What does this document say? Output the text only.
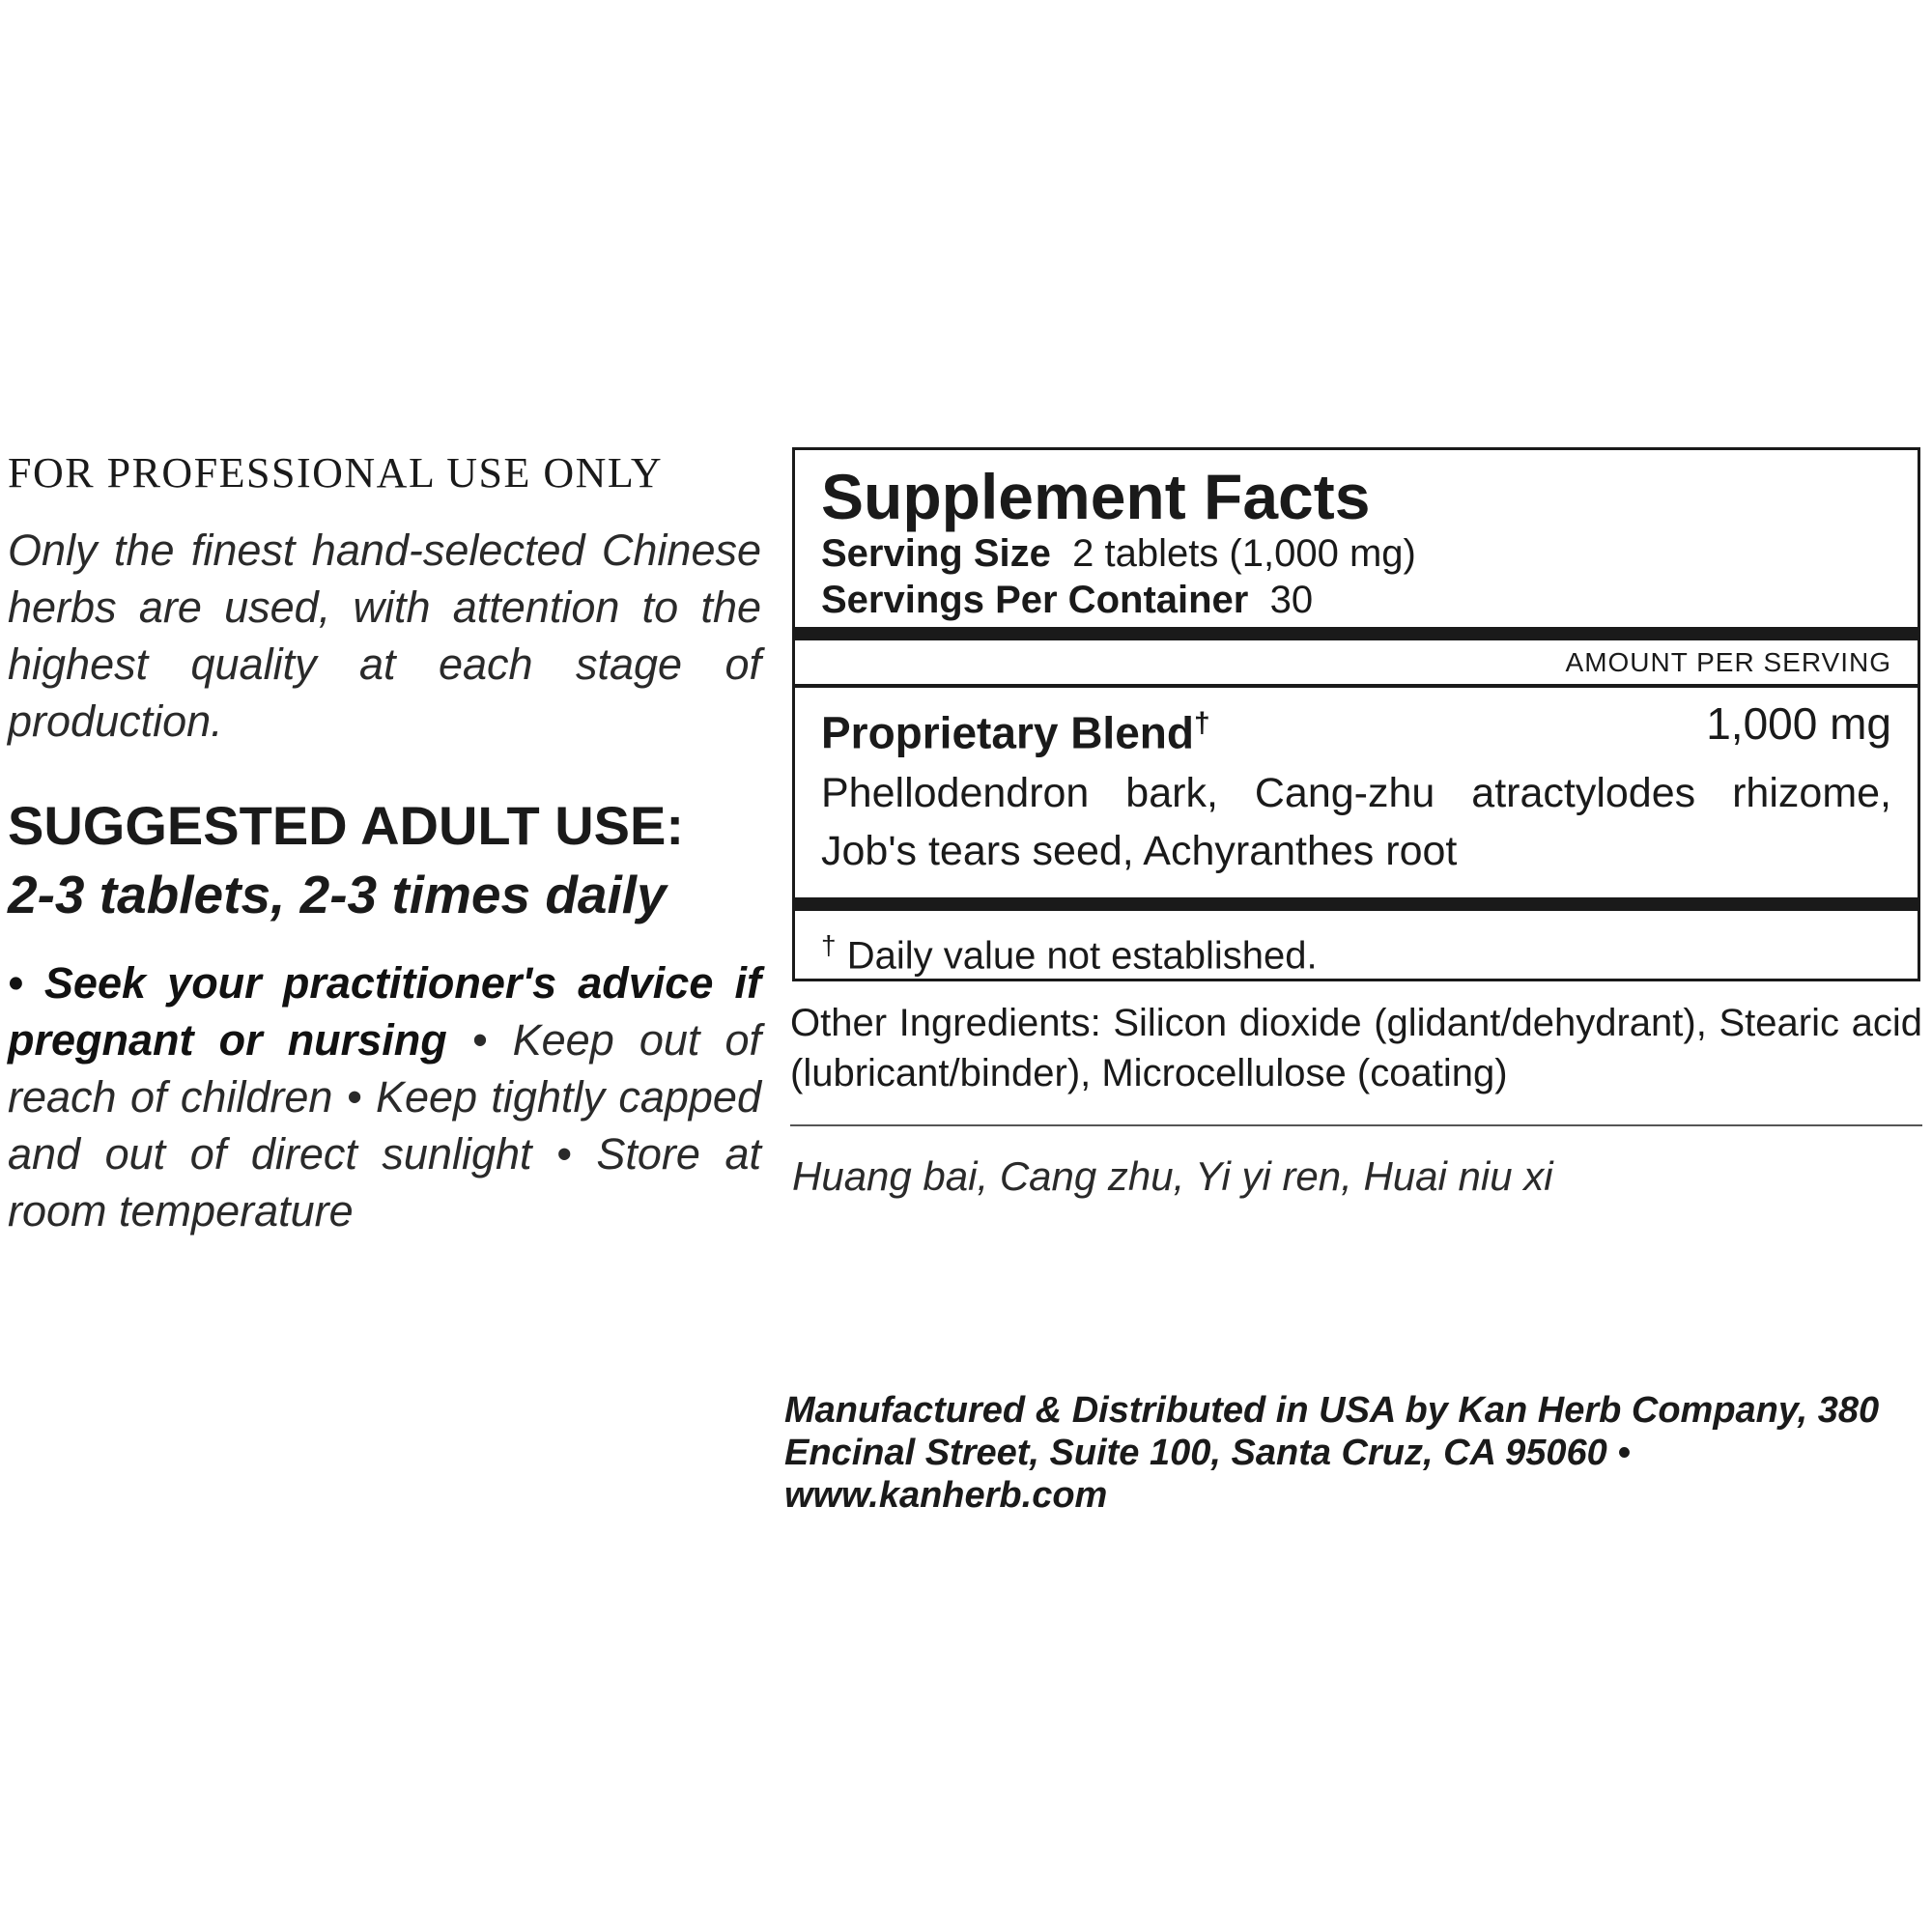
FOR PROFESSIONAL USE ONLY

Only the finest hand-selected Chinese herbs are used, with attention to the highest quality at each stage of production.

SUGGESTED ADULT USE:

2-3 tablets, 2-3 times daily

• Seek your practitioner's advice if pregnant or nursing • Keep out of reach of children • Keep tightly capped and out of direct sunlight • Store at room temperature

Supplement Facts
Serving Size 2 tablets (1,000 mg)
Servings Per Container 30
AMOUNT PER SERVING
Proprietary Blend†	1,000 mg
Phellodendron bark, Cang-zhu atractylodes rhizome, Job's tears seed, Achyranthes root
† Daily value not established.
Other Ingredients: Silicon dioxide (glidant/dehydrant), Stearic acid (lubricant/binder), Microcellulose (coating)
Huang bai, Cang zhu, Yi yi ren, Huai niu xi
Manufactured & Distributed in USA by Kan Herb Company, 380 Encinal Street, Suite 100, Santa Cruz, CA 95060 • www.kanherb.com
